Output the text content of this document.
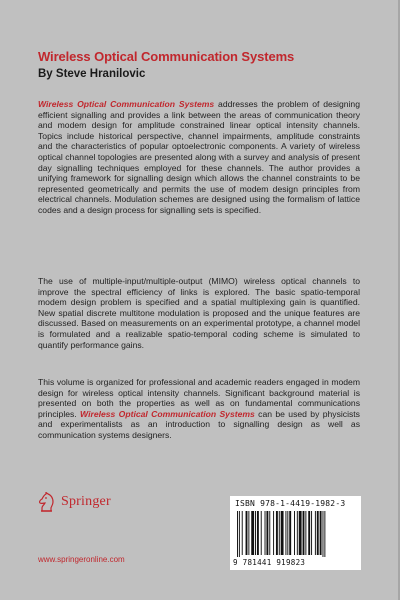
Wireless Optical Communication Systems
By Steve Hranilovic

Wireless Optical Communication Systems addresses the problem of designing efficient signalling and provides a link between the areas of communication theory and modem design for amplitude constrained linear optical intensity channels. Topics include historical perspective, channel impairments, amplitude constraints and the characteristics of popular optoelectronic components. A variety of wireless optical channel topologies are presented along with a survey and analysis of present day signalling techniques employed for these channels. The author provides a unifying framework for signalling design which allows the channel constraints to be represented geometrically and permits the use of modem design principles from electrical channels. Modulation schemes are designed using the formalism of lattice codes and a design process for signalling sets is specified.

The use of multiple-input/multiple-output (MIMO) wireless optical channels to improve the spectral efficiency of links is explored. The basic spatio-temporal modem design problem is specified and a spatial multiplexing gain is quantified. New spatial discrete multitone modulation is proposed and the unique features are discussed. Based on measurements on an experimental prototype, a channel model is formulated and a realizable spatio-temporal coding scheme is simulated to quantify performance gains.

This volume is organized for professional and academic readers engaged in modem design for wireless optical intensity channels. Significant background material is presented on both the properties as well as on fundamental communications principles. Wireless Optical Communication Systems can be used by physicists and experimentalists as an introduction to signalling design as well as communication systems designers.

Springer
www.springeronline.com
ISBN 978-1-4419-1982-3
9 781441 919823
